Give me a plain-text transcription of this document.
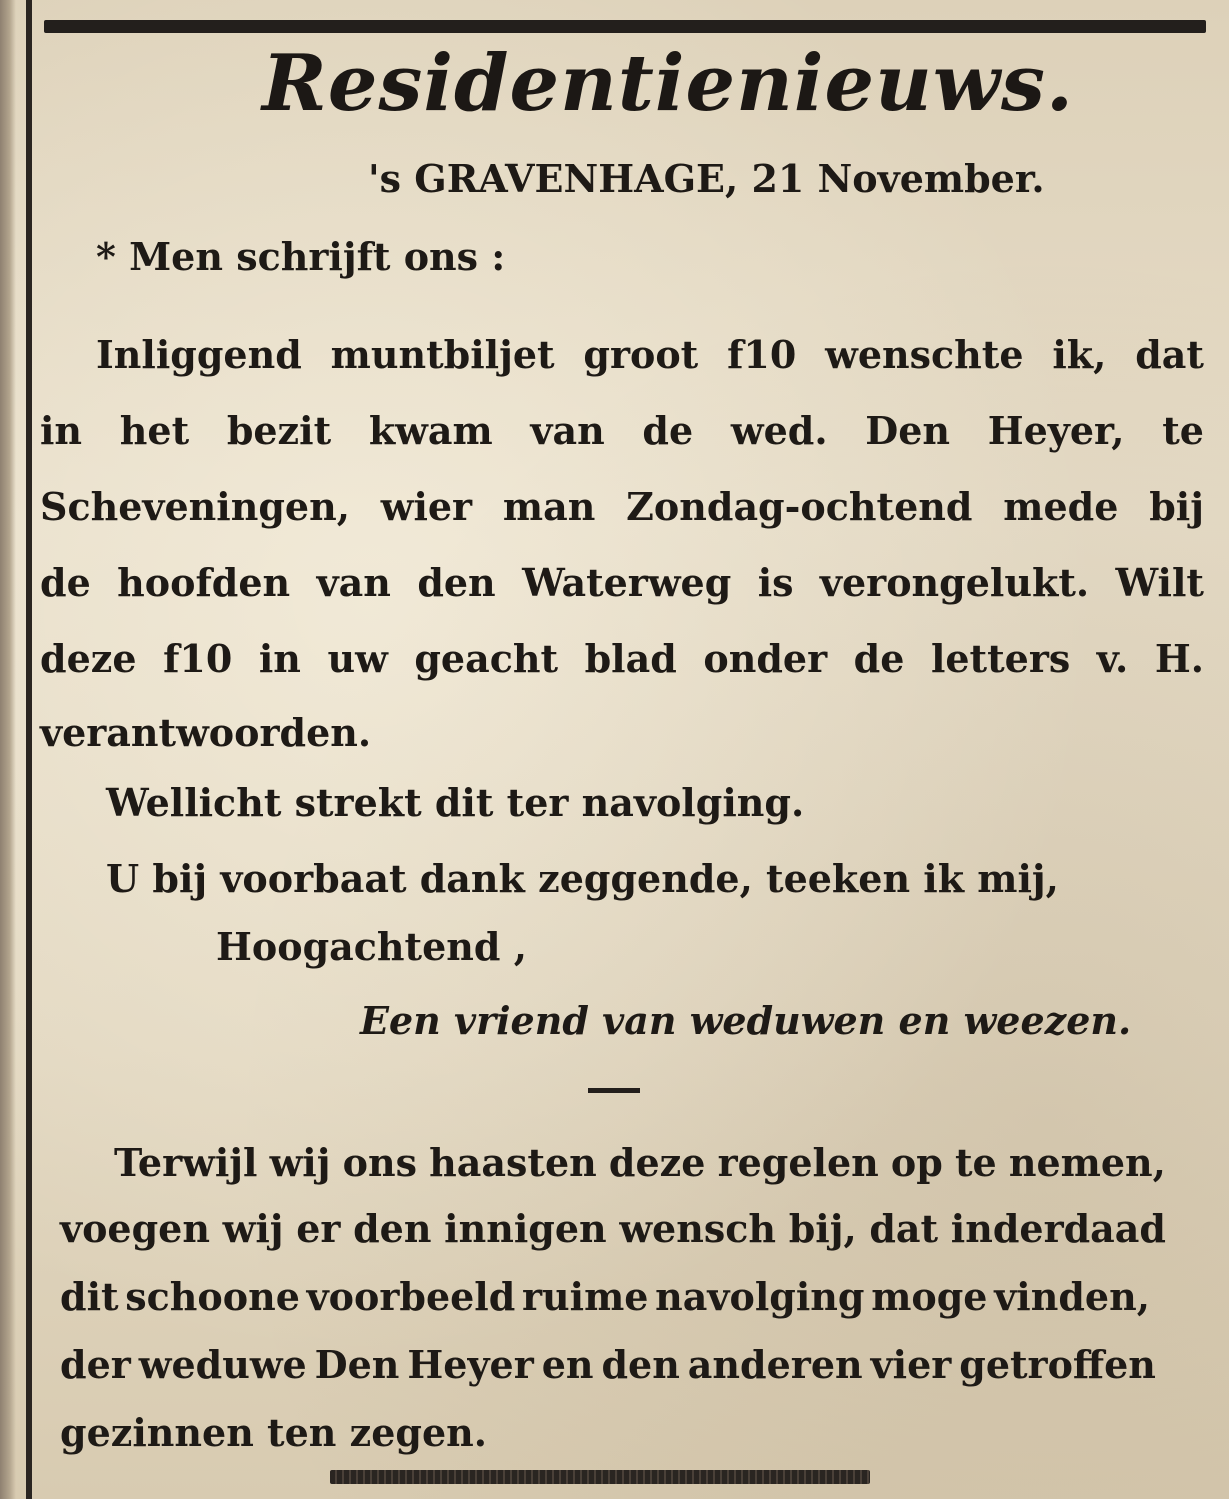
Residentienieuws.
's GRAVENHAGE, 21 November.
* Men schrijft ons :
Inliggend muntbiljet groot f10 wenschte ik, dat
in het bezit kwam van de wed. Den Heyer, te
Scheveningen, wier man Zondag-ochtend mede bij
de hoofden van den Waterweg is verongelukt. Wilt
deze f10 in uw geacht blad onder de letters v. H.
verantwoorden.
Wellicht strekt dit ter navolging.
U bij voorbaat dank zeggende, teeken ik mij,
Hoogachtend ,
Een vriend van weduwen en weezen.
Terwijl wij ons haasten deze regelen op te nemen,
voegen wij er den innigen wensch bij, dat inderdaad
dit schoone voorbeeld ruime navolging moge vinden,
der weduwe Den Heyer en den anderen vier getroffen
gezinnen ten zegen.
